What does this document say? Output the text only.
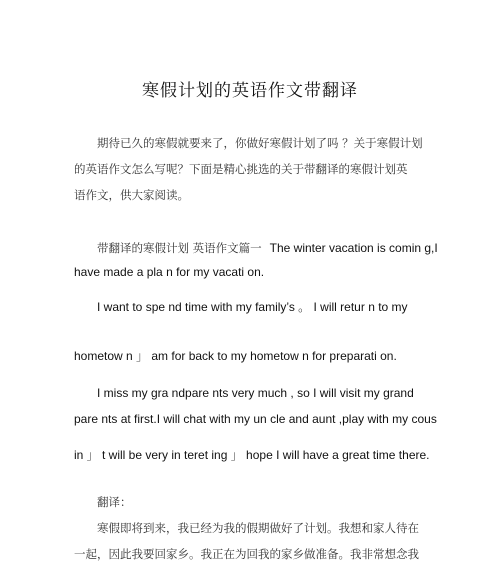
寒假计划的英语作文带翻译
期待已久的寒假就要来了，你做好寒假计划了吗 ？关于寒假计划
的英语作文怎么写呢？下面是精心挑选的关于带翻译的寒假计划英
语作文，供大家阅读。
带翻译的寒假计划 英语作文篇一 The winter vacation is comin g,I
have made a pla n for my vacati on.
I want to spe nd time with my family’s 。 I will retur n to my
hometow n 」 am for back to my hometow n for preparati on.
I miss my gra ndpare nts very much , so I will visit my grand
pare nts at first.I will chat with my un cle and aunt ,play with my cous
in 」 t will be very in teret ing 」 hope I will have a great time there.
翻译：
寒假即将到来，我已经为我的假期做好了计划。我想和家人待在
一起，因此我要回家乡。我正在为回我的家乡做准备。我非常想念我
